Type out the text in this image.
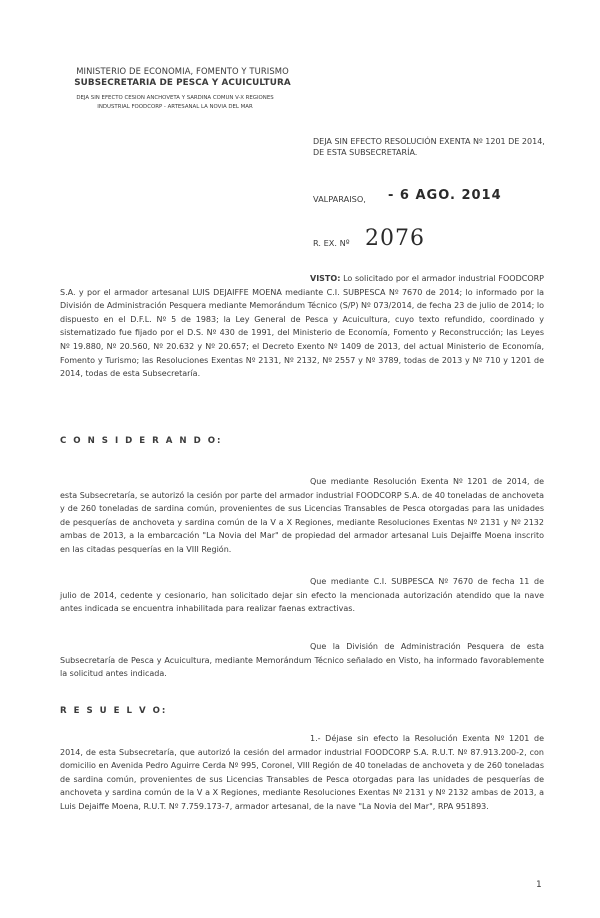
MINISTERIO DE ECONOMIA, FOMENTO Y TURISMO
SUBSECRETARIA DE PESCA Y ACUICULTURA
DEJA SIN EFECTO CESION ANCHOVETA Y SARDINA COMUN V-X REGIONES
INDUSTRIAL FOODCORP - ARTESANAL LA NOVIA DEL MAR
DEJA SIN EFECTO RESOLUCIÓN EXENTA Nº 1201 DE 2014, DE ESTA SUBSECRETARÍA.
VALPARAISO, - 6 AGO. 2014
R. EX. Nº 2076
VISTO: Lo solicitado por el armador industrial FOODCORP S.A. y por el armador artesanal LUIS DEJAIFFE MOENA mediante C.I. SUBPESCA Nº 7670 de 2014; lo informado por la División de Administración Pesquera mediante Memorándum Técnico (S/P) Nº 073/2014, de fecha 23 de julio de 2014; lo dispuesto en el D.F.L. Nº 5 de 1983; la Ley General de Pesca y Acuicultura, cuyo texto refundido, coordinado y sistematizado fue fijado por el D.S. Nº 430 de 1991, del Ministerio de Economía, Fomento y Reconstrucción; las Leyes Nº 19.880, Nº 20.560, Nº 20.632 y Nº 20.657; el Decreto Exento Nº 1409 de 2013, del actual Ministerio de Economía, Fomento y Turismo; las Resoluciones Exentas Nº 2131, Nº 2132, Nº 2557 y Nº 3789, todas de 2013 y Nº 710 y 1201 de 2014, todas de esta Subsecretaría.
C O N S I D E R A N D O:
Que mediante Resolución Exenta Nº 1201 de 2014, de esta Subsecretaría, se autorizó la cesión por parte del armador industrial FOODCORP S.A. de 40 toneladas de anchoveta y de 260 toneladas de sardina común, provenientes de sus Licencias Transables de Pesca otorgadas para las unidades de pesquerías de anchoveta y sardina común de la V a X Regiones, mediante Resoluciones Exentas Nº 2131 y Nº 2132 ambas de 2013, a la embarcación "La Novia del Mar" de propiedad del armador artesanal Luis Dejaiffe Moena inscrito en las citadas pesquerías en la VIII Región.
Que mediante C.I. SUBPESCA Nº 7670 de fecha 11 de julio de 2014, cedente y cesionario, han solicitado dejar sin efecto la mencionada autorización atendido que la nave antes indicada se encuentra inhabilitada para realizar faenas extractivas.
Que la División de Administración Pesquera de esta Subsecretaría de Pesca y Acuicultura, mediante Memorándum Técnico señalado en Visto, ha informado favorablemente la solicitud antes indicada.
R E S U E L V O:
1.- Déjase sin efecto la Resolución Exenta Nº 1201 de 2014, de esta Subsecretaría, que autorizó la cesión del armador industrial FOODCORP S.A. R.U.T. Nº 87.913.200-2, con domicilio en Avenida Pedro Aguirre Cerda Nº 995, Coronel, VIII Región de 40 toneladas de anchoveta y de 260 toneladas de sardina común, provenientes de sus Licencias Transables de Pesca otorgadas para las unidades de pesquerías de anchoveta y sardina común de la V a X Regiones, mediante Resoluciones Exentas Nº 2131 y Nº 2132 ambas de 2013, a Luis Dejaiffe Moena, R.U.T. Nº 7.759.173-7, armador artesanal, de la nave "La Novia del Mar", RPA 951893.
1
